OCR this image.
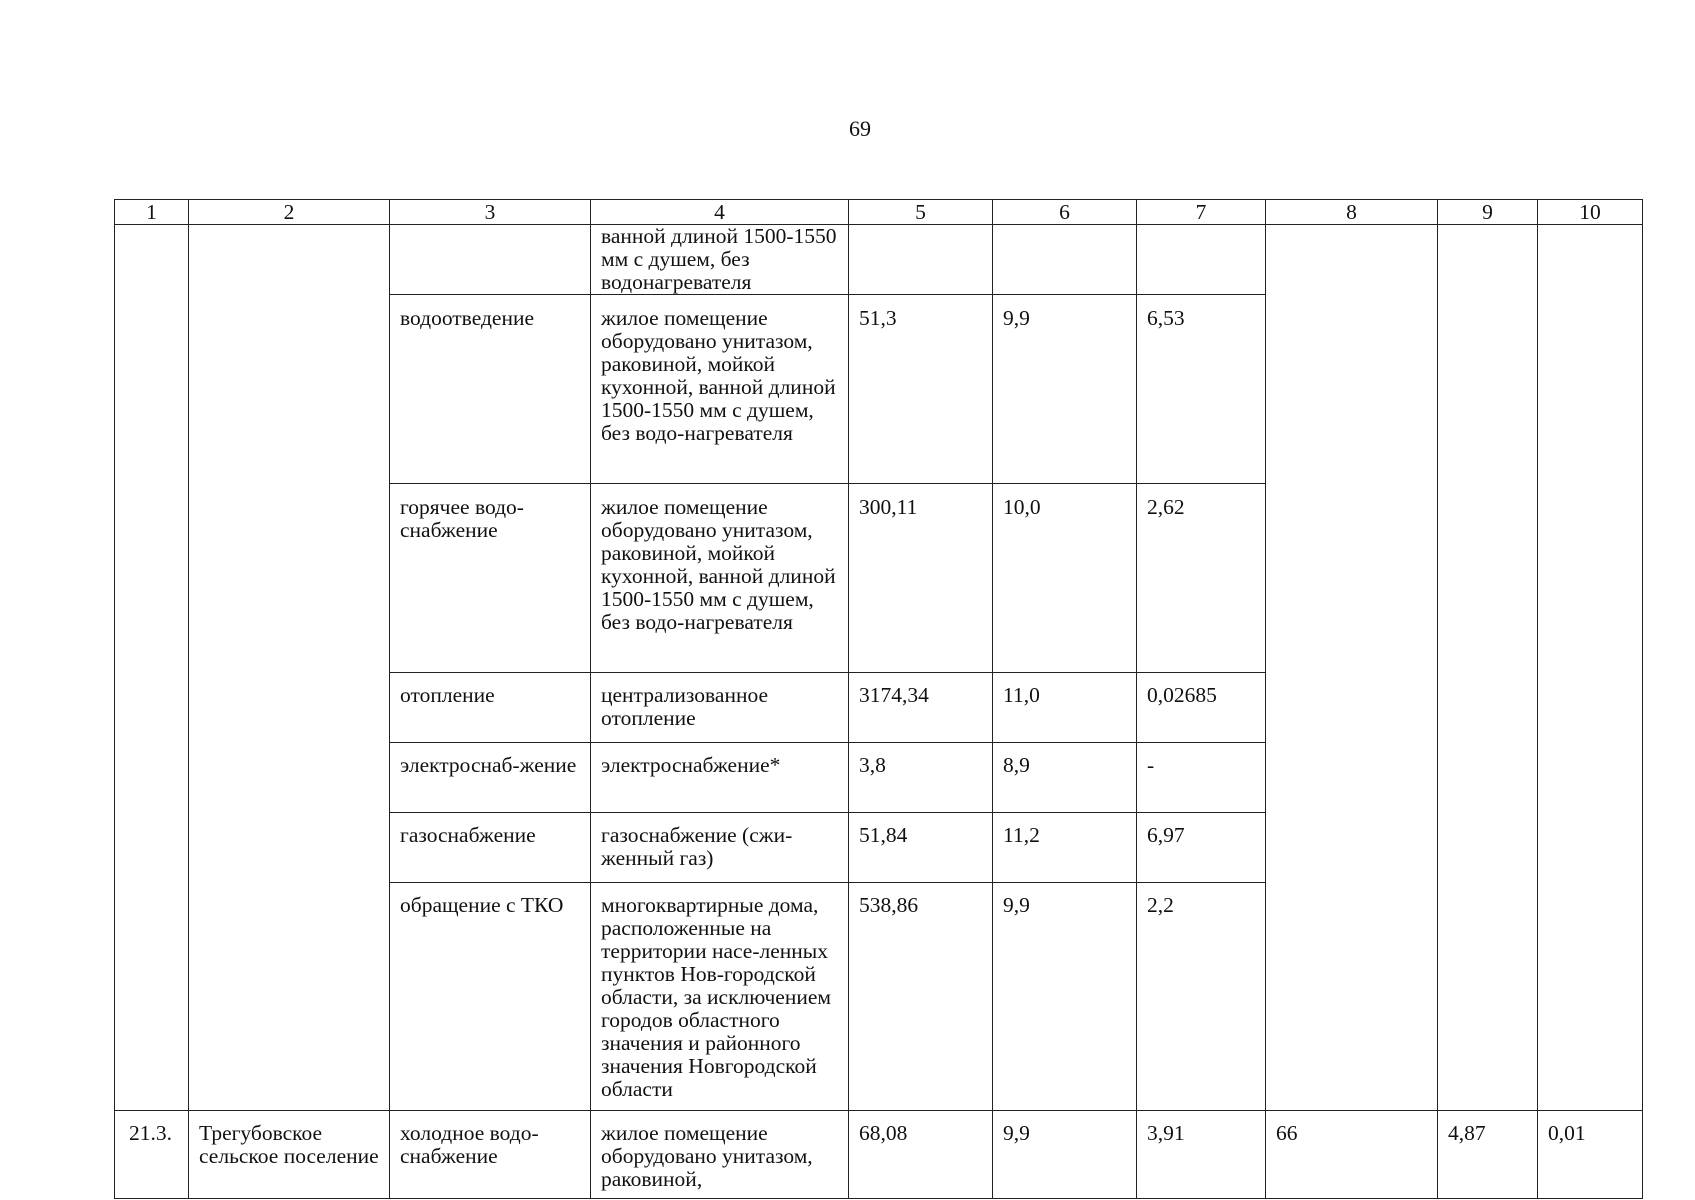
69
1	2	3	4	5	6	7	8	9	10
			ванной длиной 1500-1550 мм с душем, без водонагревателя						
		водоотведение	жилое помещение оборудовано унитазом, раковиной, мойкой кухонной, ванной длиной 1500-1550 мм с душем, без водо-нагревателя	51,3	9,9	6,53			
		горячее водо-снабжение	жилое помещение оборудовано унитазом, раковиной, мойкой кухонной, ванной длиной 1500-1550 мм с душем, без водо-нагревателя	300,11	10,0	2,62			
		отопление	централизованное отопление	3174,34	11,0	0,02685			
		электроснаб-жение	электроснабжение*	3,8	8,9	-			
		газоснабжение	газоснабжение (сжи-женный газ)	51,84	11,2	6,97			
		обращение с ТКО	многоквартирные дома, расположенные на территории насе-ленных пунктов Нов-городской области, за исключением городов областного значения и районного значения Новгородской области	538,86	9,9	2,2			
21.3.	Трегубовское сельское поселение	холодное водо-снабжение	жилое помещение оборудовано унитазом, раковиной,	68,08	9,9	3,91	66	4,87	0,01
